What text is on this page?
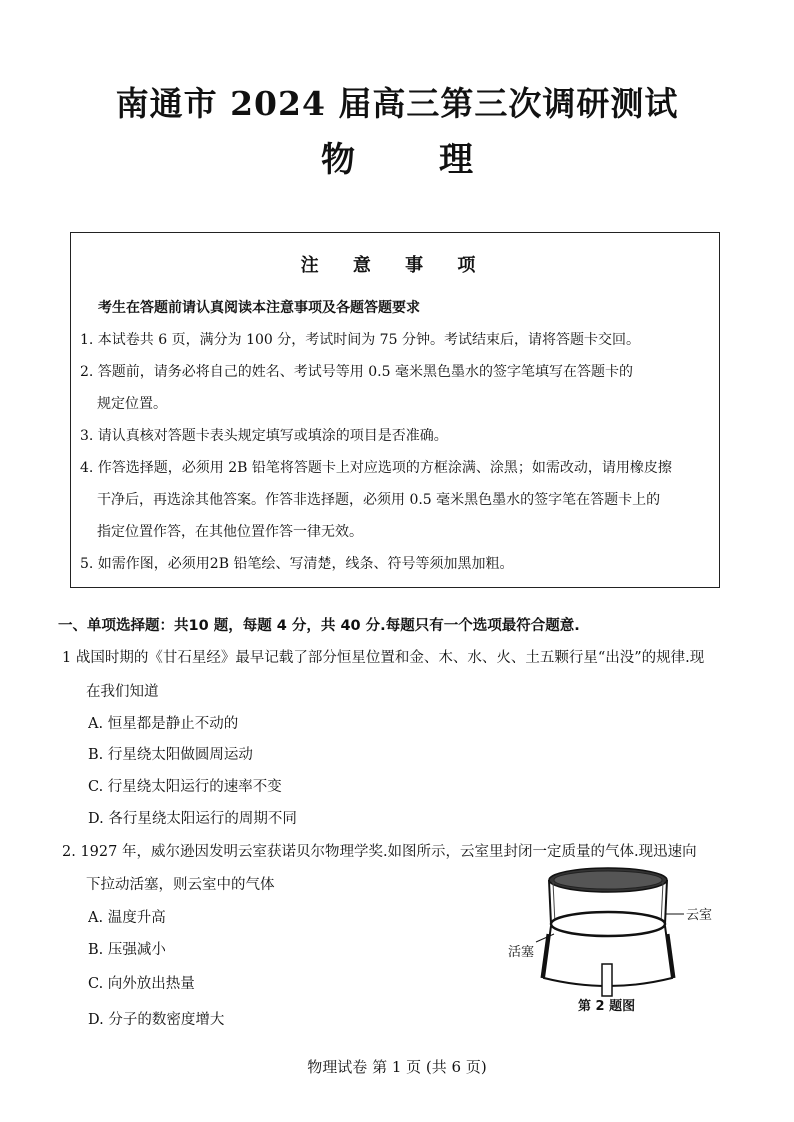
南通市 2024 届高三第三次调研测试
物 理
注 意 事 项
考生在答题前请认真阅读本注意事项及各题答题要求
1. 本试卷共 6 页，满分为 100 分，考试时间为 75 分钟。考试结束后，请将答题卡交回。
2. 答题前，请务必将自己的姓名、考试号等用 0.5 毫米黑色墨水的签字笔填写在答题卡的
规定位置。
3. 请认真核对答题卡表头规定填写或填涂的项目是否准确。
4. 作答选择题，必须用 2B 铅笔将答题卡上对应选项的方框涂满、涂黑；如需改动，请用橡皮擦
干净后，再选涂其他答案。作答非选择题，必须用 0.5 毫米黑色墨水的签字笔在答题卡上的
指定位置作答，在其他位置作答一律无效。
5. 如需作图，必须用2B 铅笔绘、写清楚，线条、符号等须加黑加粗。
一、单项选择题：共10 题，每题 4 分，共 40 分.每题只有一个选项最符合题意.
1 战国时期的《甘石星经》最早记载了部分恒星位置和金、木、水、火、土五颗行星“出没”的规律.现
在我们知道
A. 恒星都是静止不动的
B. 行星绕太阳做圆周运动
C. 行星绕太阳运行的速率不变
D. 各行星绕太阳运行的周期不同
2. 1927 年，威尔逊因发明云室获诺贝尔物理学奖.如图所示，云室里封闭一定质量的气体.现迅速向
下拉动活塞，则云室中的气体
A. 温度升高
B. 压强减小
C. 向外放出热量
D. 分子的数密度增大
云室
活塞
第 2 题图
物理试卷 第 1 页 (共 6 页)
